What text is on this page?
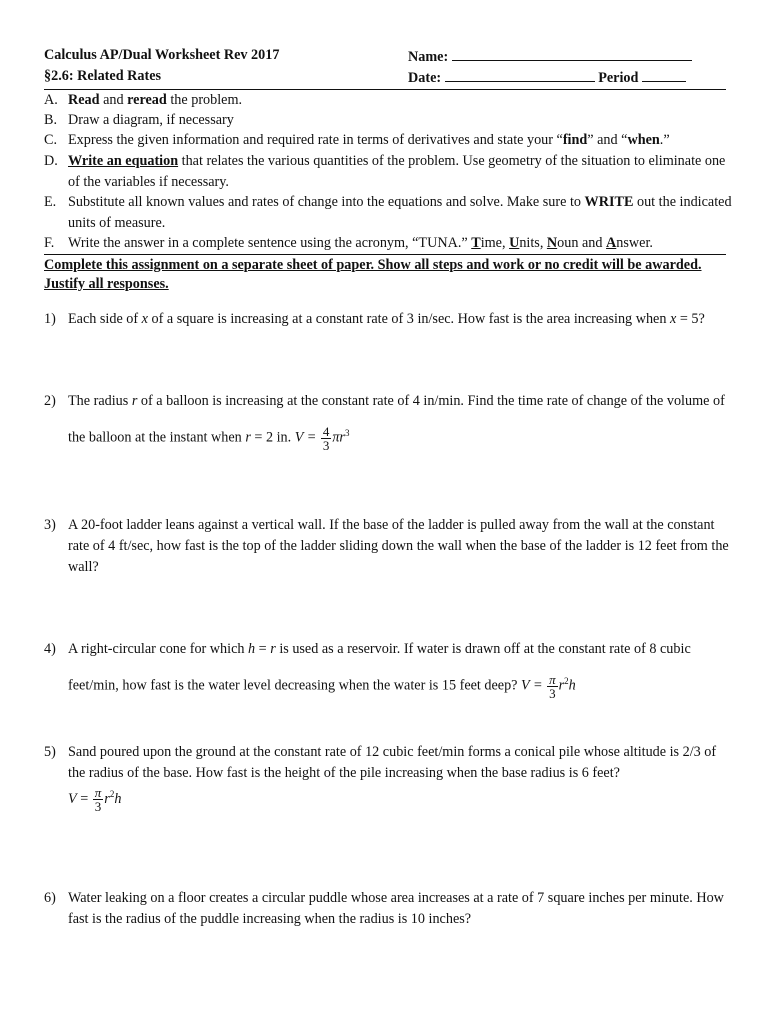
Calculus AP/Dual Worksheet Rev 2017
§2.6: Related Rates
Name:
Date:	Period
A. Read and reread the problem.
B. Draw a diagram, if necessary
C. Express the given information and required rate in terms of derivatives and state your “find” and “when.”
D. Write an equation that relates the various quantities of the problem. Use geometry of the situation to eliminate one of the variables if necessary.
E. Substitute all known values and rates of change into the equations and solve. Make sure to WRITE out the indicated units of measure.
F. Write the answer in a complete sentence using the acronym, “TUNA.” Time, Units, Noun and Answer.
Complete this assignment on a separate sheet of paper. Show all steps and work or no credit will be awarded. Justify all responses.
1) Each side of x of a square is increasing at a constant rate of 3 in/sec. How fast is the area increasing when x = 5?
2) The radius r of a balloon is increasing at the constant rate of 4 in/min. Find the time rate of change of the volume of the balloon at the instant when r = 2 in. $V = \frac{4}{3} \pi r^3$
3) A 20-foot ladder leans against a vertical wall. If the base of the ladder is pulled away from the wall at the constant rate of 4 ft/sec, how fast is the top of the ladder sliding down the wall when the base of the ladder is 12 feet from the wall?
4) A right-circular cone for which h = r is used as a reservoir. If water is drawn off at the constant rate of 8 cubic feet/min, how fast is the water level decreasing when the water is 15 feet deep? $V = \frac{\pi}{3} r^2h$
5) Sand poured upon the ground at the constant rate of 12 cubic feet/min forms a conical pile whose altitude is 2/3 of the radius of the base. How fast is the height of the pile increasing when the base radius is 6 feet?
$V = \frac{\pi}{3} r^2h$
6) Water leaking on a floor creates a circular puddle whose area increases at a rate of 7 square inches per minute. How fast is the radius of the puddle increasing when the radius is 10 inches?
